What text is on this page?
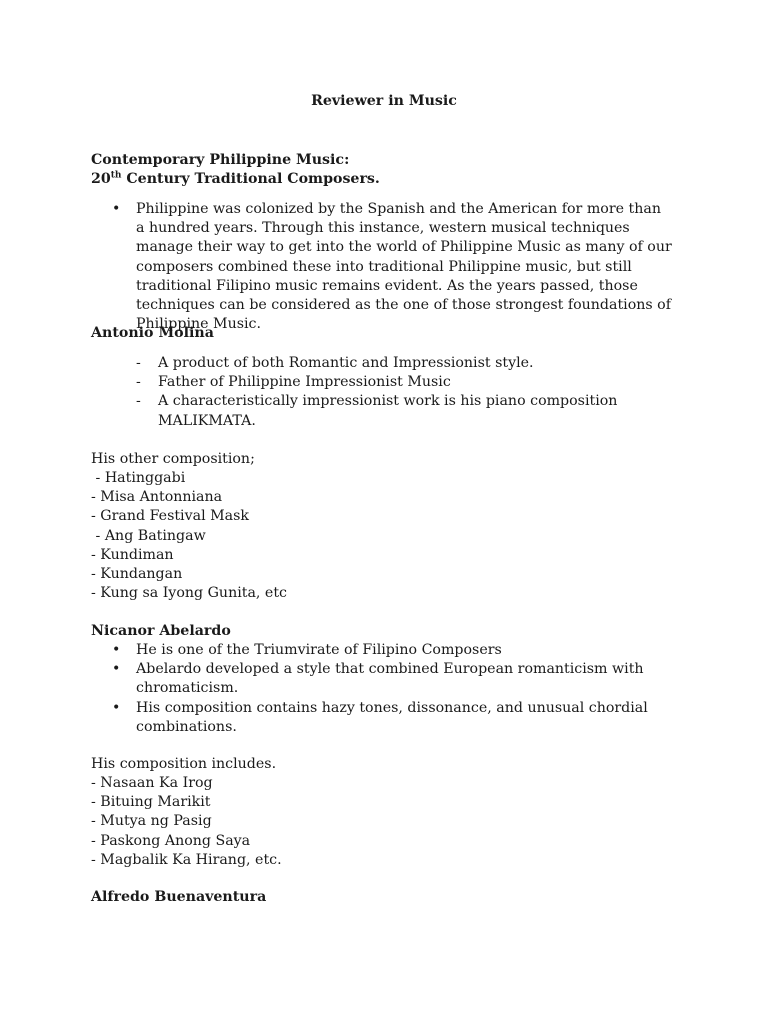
Reviewer in Music
Contemporary Philippine Music:
20th Century Traditional Composers.
• Philippine was colonized by the Spanish and the American for more than a hundred years. Through this instance, western musical techniques manage their way to get into the world of Philippine Music as many of our composers combined these into traditional Philippine music, but still traditional Filipino music remains evident. As the years passed, those techniques can be considered as the one of those strongest foundations of Philippine Music.
Antonio Molina
- A product of both Romantic and Impressionist style.
- Father of Philippine Impressionist Music
- A characteristically impressionist work is his piano composition MALIKMATA.
His other composition;
- Hatinggabi
- Misa Antonniana
- Grand Festival Mask
- Ang Batingaw
- Kundiman
- Kundangan
- Kung sa Iyong Gunita, etc
Nicanor Abelardo
• He is one of the Triumvirate of Filipino Composers
• Abelardo developed a style that combined European romanticism with chromaticism.
• His composition contains hazy tones, dissonance, and unusual chordial combinations.
His composition includes.
- Nasaan Ka Irog
- Bituing Marikit
- Mutya ng Pasig
- Paskong Anong Saya
- Magbalik Ka Hirang, etc.
Alfredo Buenaventura
